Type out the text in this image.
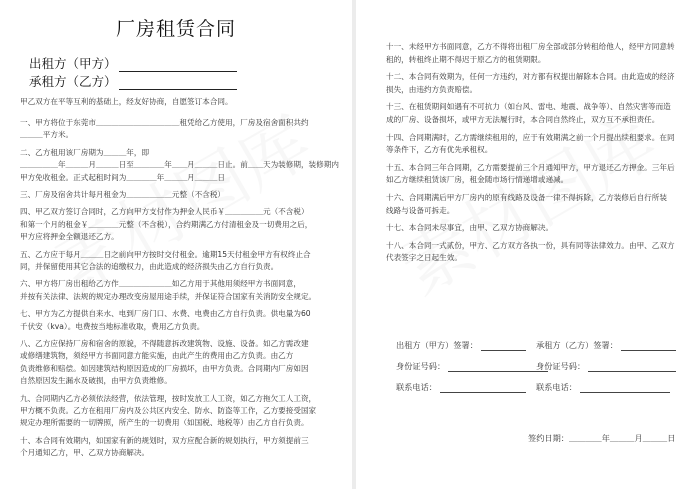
厂房租赁合同
出租方（甲方）
承租方（乙方）
甲乙双方在平等互利的基础上，经友好协商，自愿签订本合同。
一、甲方将位于东莞市＿＿＿＿＿＿＿＿＿＿＿租凭给乙方使用，厂房及宿舍面积共约
＿＿＿平方米。
二、乙方租用该厂房期为＿＿＿年，即
＿＿＿＿＿年＿＿＿月＿＿＿日至＿＿＿＿年＿＿月＿＿＿日止。前＿＿天为装修期，装修期内
甲方免收租金。正式起租时间为＿＿＿＿年＿＿＿月＿＿＿日
三、厂房及宿舍共计每月租金为＿＿＿＿＿＿元整（不含税）
四、甲乙双方签订合同时，乙方向甲方支付作为押金人民币￥＿＿＿＿＿元（不含税）
和第一个月的租金￥＿＿＿＿元整（不含税），合约期满乙方付清租金及一切费用之后，
甲方应将押金全额退还乙方。
五、乙方应于每月＿＿＿日之前向甲方按时交付租金。逾期15天付租金甲方有权终止合
同，并保留使用其它合法的追缴权力，由此造成的经济损失由乙方自行负责。
六、甲方将厂房出租给乙方作＿＿＿＿＿＿＿如乙方用于其他用须经甲方书面同意，
并按有关法律、法规的规定办理改变房屋用途手续，并保证符合国家有关消防安全规定。
七、甲方为乙方提供自来水、电到厂房门口、水费、电费由乙方自行负责。供电量为60
千伏安（kva）。电费按当地标准收取，费用乙方负责。
八、乙方应保持厂房和宿舍的原貌，不得随意拆改建筑物、设施、设备。如乙方需改建
或修缮建筑物，须经甲方书面同意方能实施，由此产生的费用由乙方负责。由乙方
负责维修和赔偿。如因建筑结构原因造成的厂房损坏，由甲方负责。合同期内厂房如因
自然原因发生漏水及破损，由甲方负责维修。
九、合同期内乙方必须依法经营，依法管理，按时发放工人工资，如乙方拖欠工人工资，
甲方概不负责。乙方在租用厂房内及公共区内安全、防水、防盗等工作，乙方要接受国家
规定办理所需要的一切牌照，所产生的一切费用（如国税、地税等）由乙方自行负责。
十、本合同有效期内，如国家有新的规划时，双方应配合新的规划执行，甲方须提前三
个月通知乙方，甲、乙双方协商解决。
十一、未经甲方书面同意，乙方不得将出租厂房全部或部分转租给他人，经甲方同意转
租的，转租终止期不得迟于原乙方的租赁期限。
十二、本合同有效期为，任何一方违约，对方都有权提出解除本合同。由此造成的经济
损失，由违约方负责赔偿。
十三、在租赁期间如遇有不可抗力（如台风、雷电、地震、战争等）、自然灾害等而造
成的厂房、设备损坏，或甲方无法履行时，本合同自然终止，双方互不承担责任。
十四、合同期满时，乙方需继续租用的，应于有效期满之前一个月提出续租要求。在同
等条件下，乙方有优先承租权。
十五、本合同三年合同期，乙方需要提前三个月通知甲方，甲方退还乙方押金。三年后
如乙方继续租赁该厂房，租金随市场行情递增或递减。
十六、合同期满后甲方厂房内的原有线路及设备一律不得拆除，乙方装修后自行所装
线路与设备可拆走。
十七、本合同未尽事宜，由甲、乙双方协商解决。
十八、本合同一式贰份，甲方、乙方双方各执一份，具有同等法律效力。由甲、乙双方
代表签字之日起生效。
出租方（甲方）签署：	承租方（乙方）签署：
身份证号码：	身份证号码：
联系电话：	联系电话：
签约日期：＿＿＿＿年＿＿＿月＿＿＿日
